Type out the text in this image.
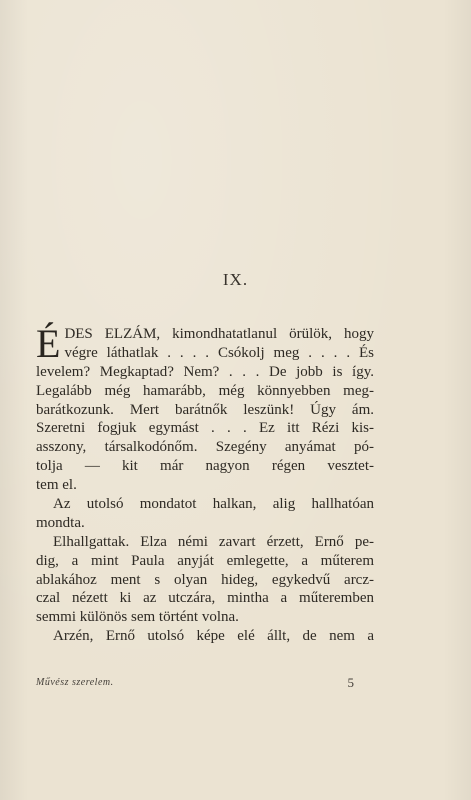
IX.
É DES ELZÁM, kimondhatatlanul örülök, hogy
végre láthatlak . . . . Csókolj meg . . . . És
levelem? Megkaptad? Nem? . . . De jobb is így.
Legalább még hamarább, még könnyebben meg-
barátkozunk. Mert barátnők leszünk! Úgy ám.
Szeretni fogjuk egymást . . . Ez itt Rézi kis-
asszony, társalkodónőm. Szegény anyámat pó-
tolja — kit már nagyon régen vesztet-
tem el.
Az utolsó mondatot halkan, alig hallhatóan
mondta.
Elhallgattak. Elza némi zavart érzett, Ernő pe-
dig, a mint Paula anyját emlegette, a műterem
ablakához ment s olyan hideg, egykedvű arcz-
czal nézett ki az utczára, mintha a műteremben
semmi különös sem történt volna.
Arzén, Ernő utolsó képe elé állt, de nem a
Művész szerelem.	5
